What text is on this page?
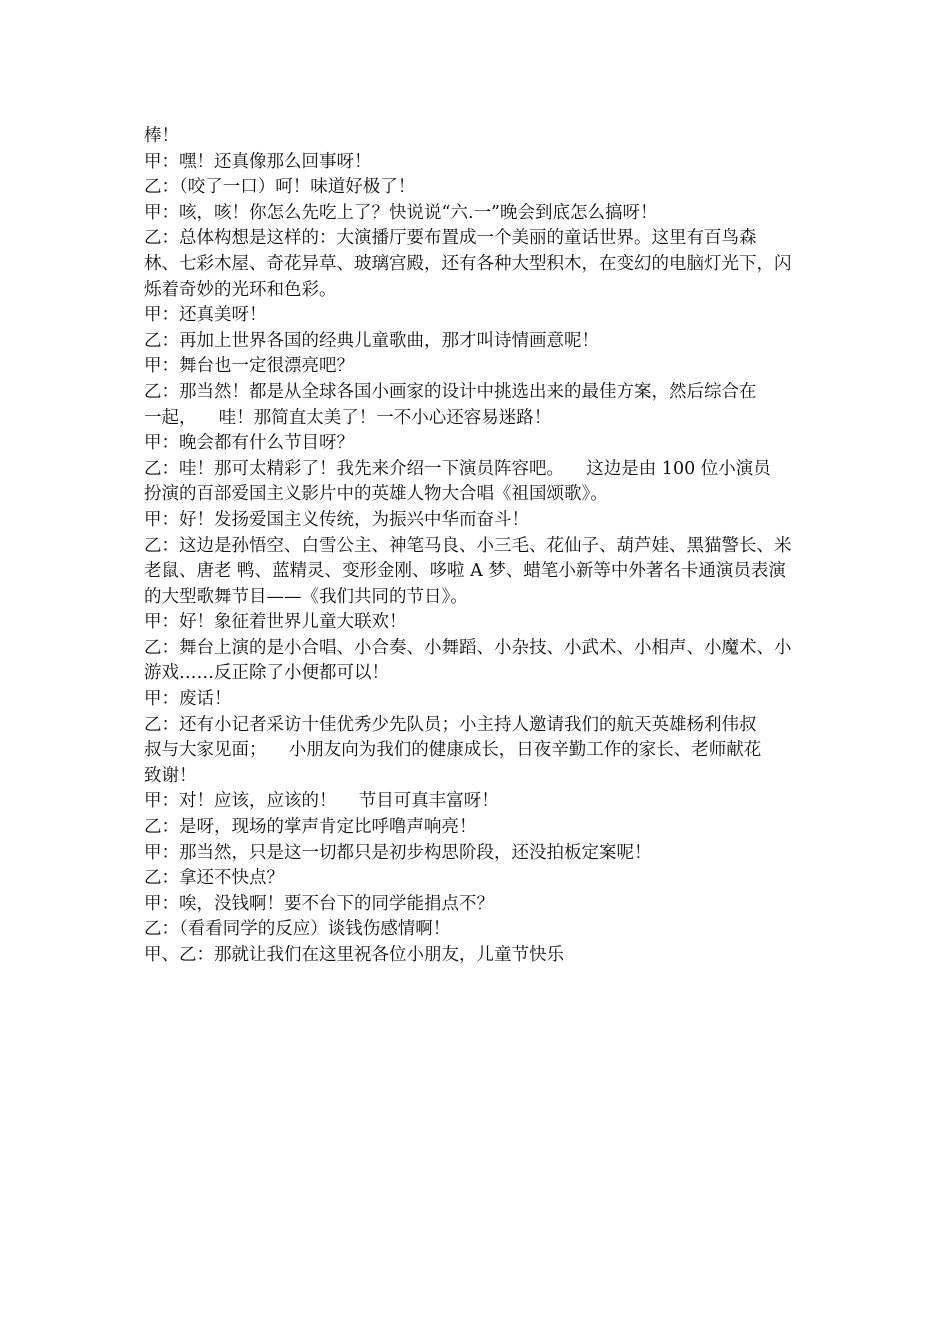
棒！
甲：嘿！还真像那么回事呀！
乙：（咬了一口）呵！味道好极了！
甲：咳，咳！你怎么先吃上了？快说说“六.一”晚会到底怎么搞呀！
乙：总体构想是这样的：大演播厅要布置成一个美丽的童话世界。这里有百鸟森
林、七彩木屋、奇花异草、玻璃宫殿，还有各种大型积木，在变幻的电脑灯光下，闪
烁着奇妙的光环和色彩。
甲：还真美呀！
乙：再加上世界各国的经典儿童歌曲，那才叫诗情画意呢！
甲：舞台也一定很漂亮吧？
乙：那当然！都是从全球各国小画家的设计中挑选出来的最佳方案，然后综合在
一起，    哇！那简直太美了！一不小心还容易迷路！
甲：晚会都有什么节目呀？
乙：哇！那可太精彩了！我先来介绍一下演员阵容吧。    这边是由 100 位小演员
扮演的百部爱国主义影片中的英雄人物大合唱《祖国颂歌》。
甲：好！发扬爱国主义传统，为振兴中华而奋斗！
乙：这边是孙悟空、白雪公主、神笔马良、小三毛、花仙子、葫芦娃、黑猫警长、米
老鼠、唐老 鸭、蓝精灵、变形金刚、哆啦 A 梦、蜡笔小新等中外著名卡通演员表演
的大型歌舞节目——《我们共同的节日》。
甲：好！象征着世界儿童大联欢！
乙：舞台上演的是小合唱、小合奏、小舞蹈、小杂技、小武术、小相声、小魔术、小
游戏……反正除了小便都可以！
甲：废话！
乙：还有小记者采访十佳优秀少先队员；小主持人邀请我们的航天英雄杨利伟叔
叔与大家见面；    小朋友向为我们的健康成长，日夜辛勤工作的家长、老师献花
致谢！
甲：对！应该，应该的！    节目可真丰富呀！
乙：是呀，现场的掌声肯定比呼噜声响亮！
甲：那当然，只是这一切都只是初步构思阶段，还没拍板定案呢！
乙：拿还不快点？
甲：唉，没钱啊！要不台下的同学能捐点不？
乙：（看看同学的反应）谈钱伤感情啊！
甲、乙：那就让我们在这里祝各位小朋友，儿童节快乐
